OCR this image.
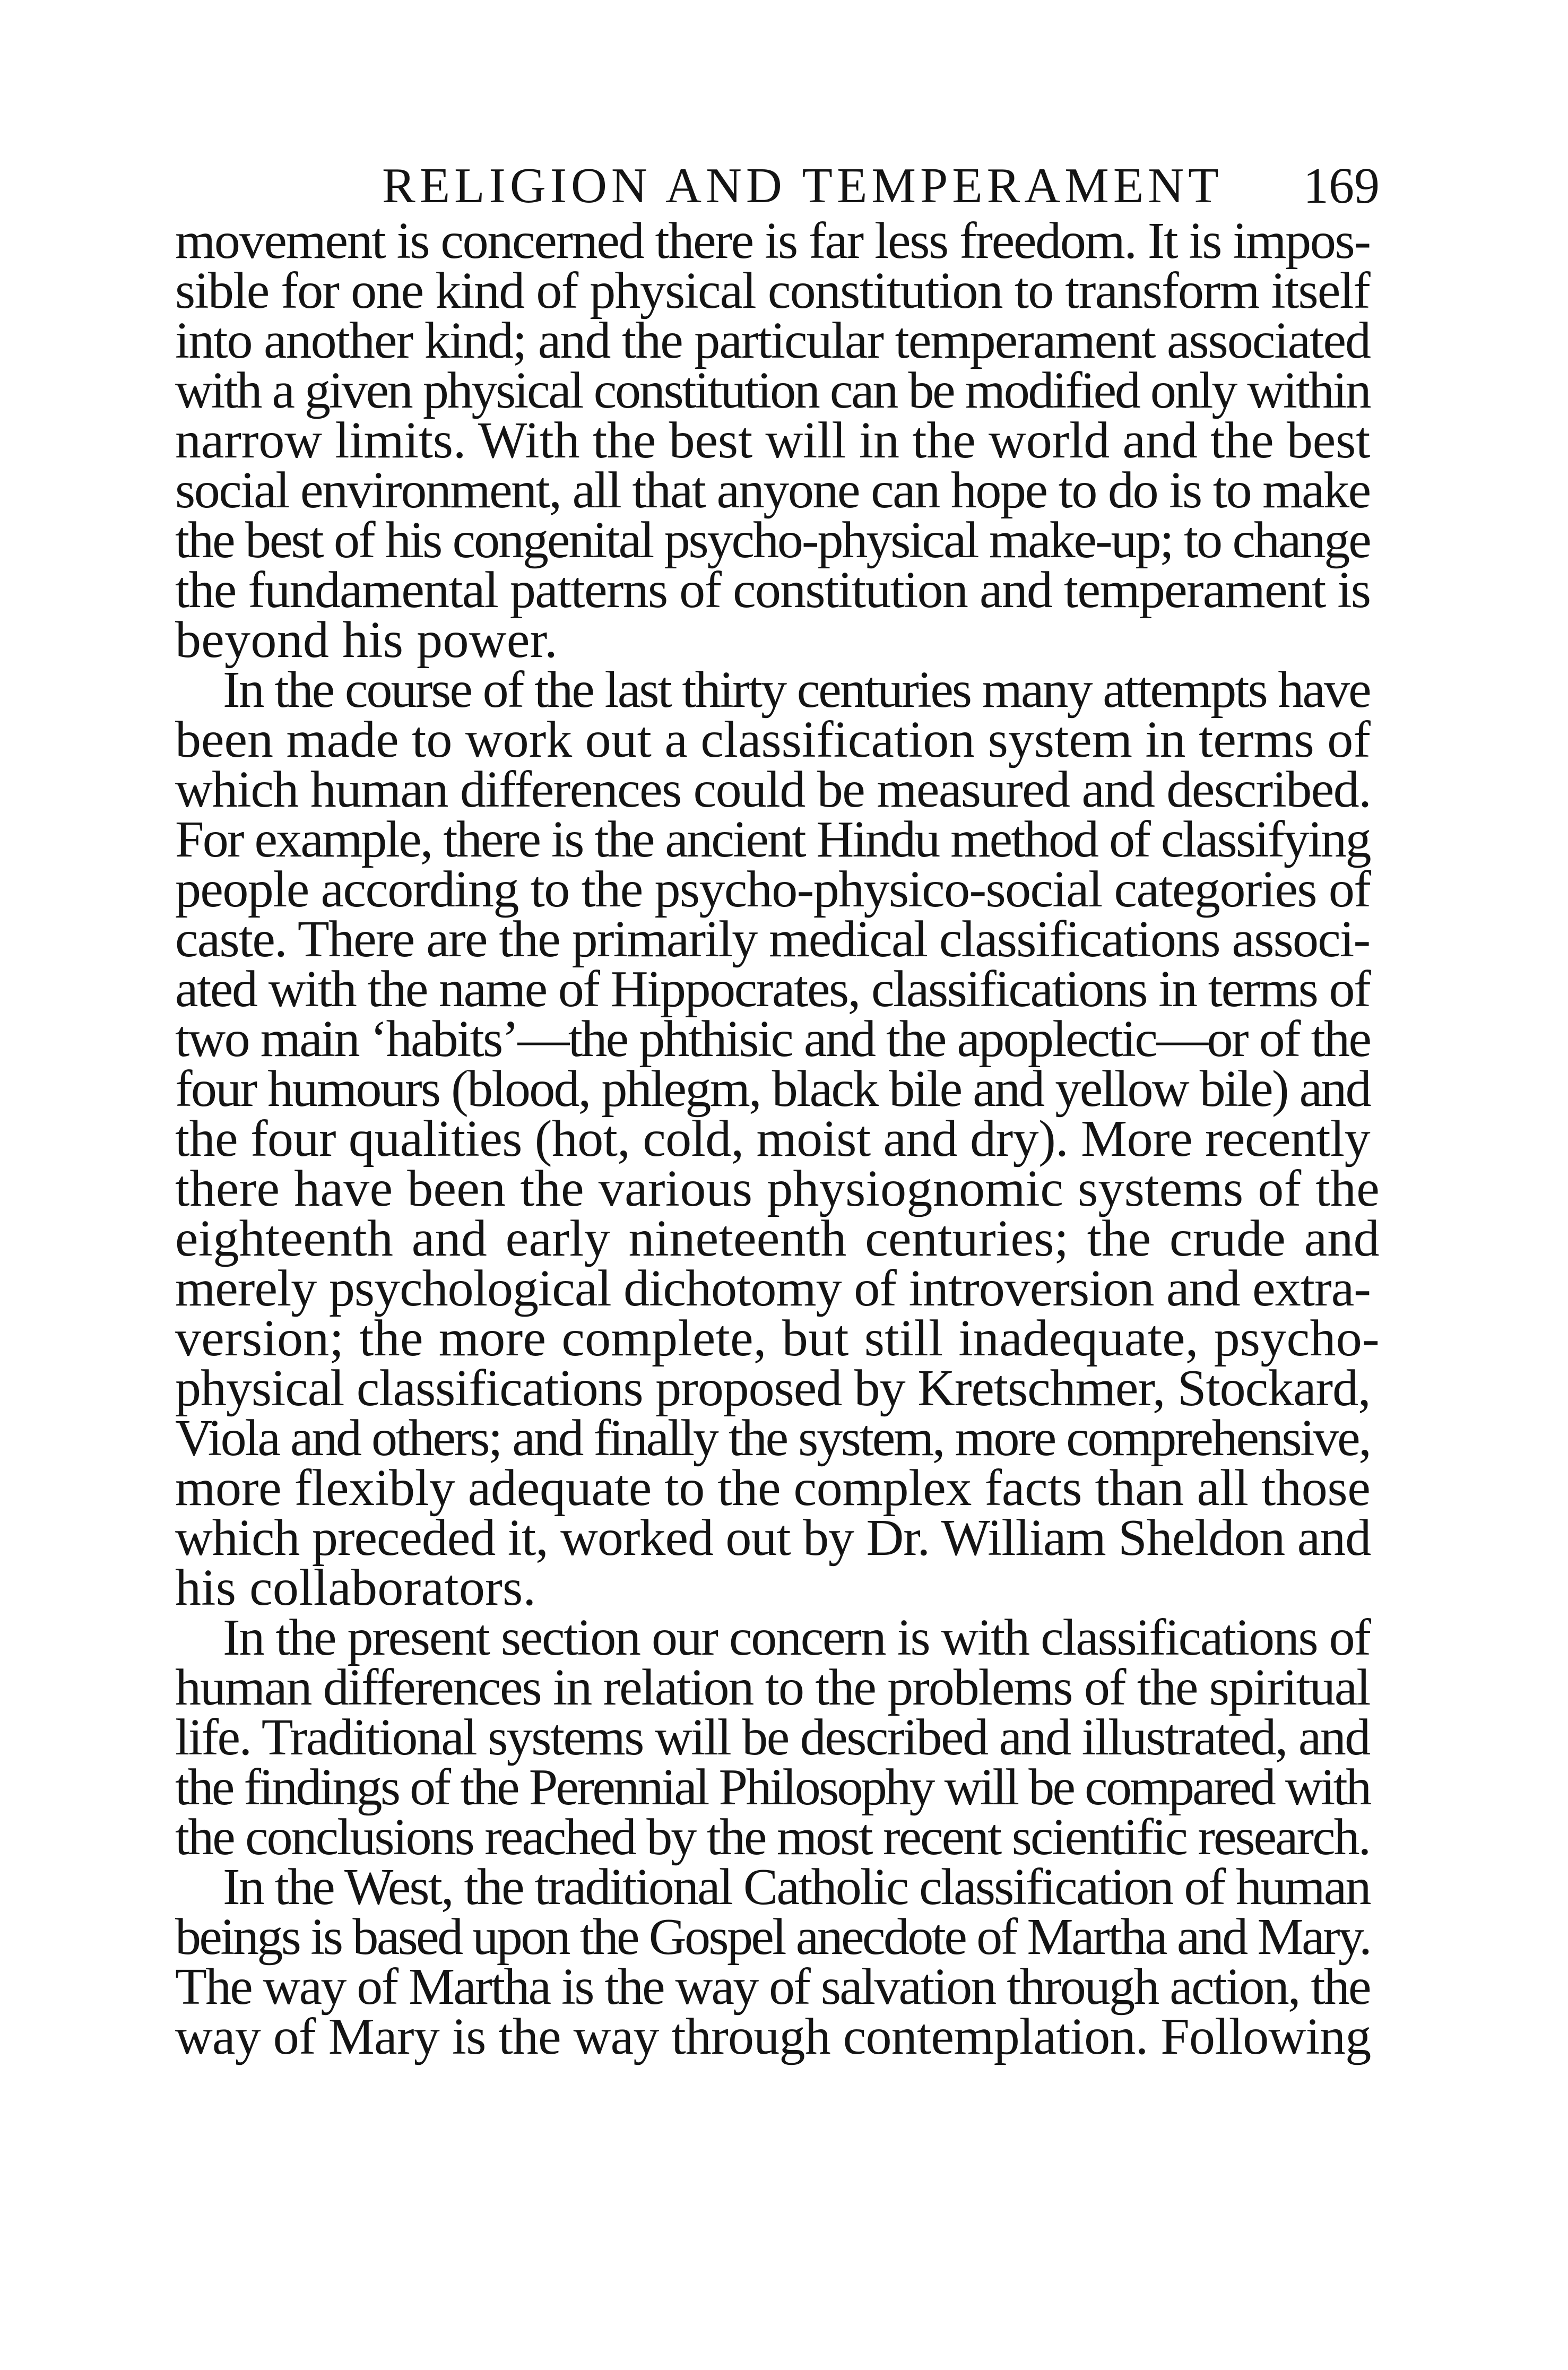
RELIGION AND TEMPERAMENT 169

movement is concerned there is far less freedom. It is impos-
sible for one kind of physical constitution to transform itself
into another kind; and the particular temperament associated
with a given physical constitution can be modified only within
narrow limits. With the best will in the world and the best
social environment, all that anyone can hope to do is to make
the best of his congenital psycho-physical make-up; to change
the fundamental patterns of constitution and temperament is
beyond his power.

In the course of the last thirty centuries many attempts have
been made to work out a classification system in terms of
which human differences could be measured and described.
For example, there is the ancient Hindu method of classifying
people according to the psycho-physico-social categories of
caste. There are the primarily medical classifications associ-
ated with the name of Hippocrates, classifications in terms of
two main ‘habits’—the phthisic and the apoplectic—or of the
four humours (blood, phlegm, black bile and yellow bile) and
the four qualities (hot, cold, moist and dry). More recently
there have been the various physiognomic systems of the
eighteenth and early nineteenth centuries; the crude and
merely psychological dichotomy of introversion and extra-
version; the more complete, but still inadequate, psycho-
physical classifications proposed by Kretschmer, Stockard,
Viola and others; and finally the system, more comprehensive,
more flexibly adequate to the complex facts than all those
which preceded it, worked out by Dr. William Sheldon and
his collaborators.

In the present section our concern is with classifications of
human differences in relation to the problems of the spiritual
life. Traditional systems will be described and illustrated, and
the findings of the Perennial Philosophy will be compared with
the conclusions reached by the most recent scientific research.

In the West, the traditional Catholic classification of human
beings is based upon the Gospel anecdote of Martha and Mary.
The way of Martha is the way of salvation through action, the
way of Mary is the way through contemplation. Following
